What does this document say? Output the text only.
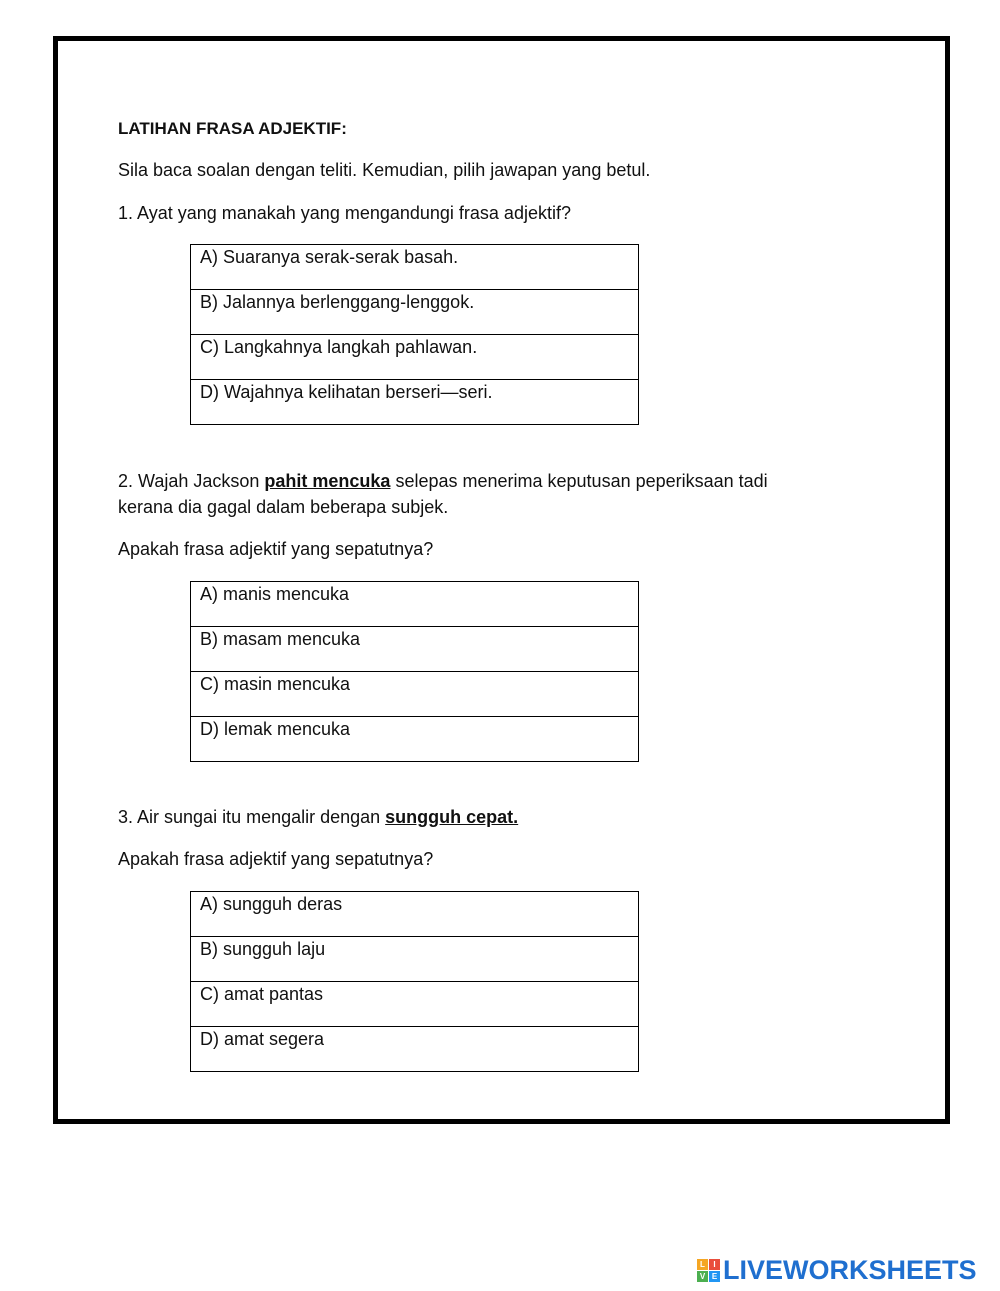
LATIHAN FRASA ADJEKTIF:
Sila baca soalan dengan teliti. Kemudian, pilih jawapan yang betul.
1. Ayat yang manakah yang mengandungi frasa adjektif?
A) Suaranya serak-serak basah.

B) Jalannya berlenggang-lenggok.

C) Langkahnya langkah pahlawan.

D) Wajahnya kelihatan berseri—seri.
2. Wajah Jackson pahit mencuka selepas menerima keputusan peperiksaan tadi
kerana dia gagal dalam beberapa subjek.
Apakah frasa adjektif yang sepatutnya?
A) manis mencuka

B) masam mencuka

C) masin mencuka

D) lemak mencuka
3. Air sungai itu mengalir dengan sungguh cepat.
Apakah frasa adjektif yang sepatutnya?
A) sungguh deras

B) sungguh laju

C) amat pantas

D) amat segera
L	I
V E LIVEWORKSHEETS
